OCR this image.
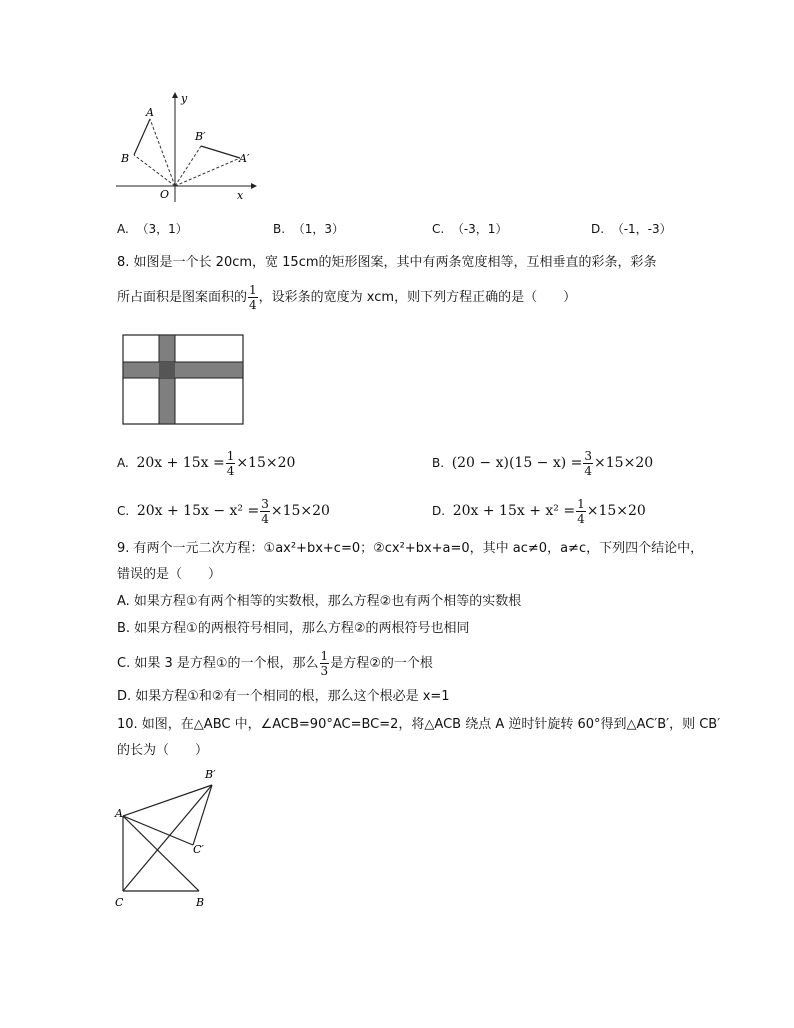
y
x
O
A
B
B′
A′
A. （3，1）	B. （1，3）	C. （-3，1）	D. （-1，-3）
8. 如图是一个长 20cm，宽 15cm的矩形图案，其中有两条宽度相等，互相垂直的彩条，彩条
所占面积是图案面积的 $\frac{1}{4}$ ，设彩条的宽度为 xcm，则下列方程正确的是（　　）
A. $20x + 15x = \frac{1}{4} \times 15\times 20$	B. $(20 - x)(15 - x) = \frac{3}{4} \times 15\times 20$
C. $20x + 15x - x^2 = \frac{3}{4} \times 15\times 20$	D. $20x + 15x + x^2 = \frac{1}{4} \times 15\times 20$
9. 有两个一元二次方程：①ax²+bx+c=0；②cx²+bx+a=0，其中 ac≠0，a≠c，下列四个结论中，
错误的是（　　）
A. 如果方程①有两个相等的实数根，那么方程②也有两个相等的实数根
B. 如果方程①的两根符号相同，那么方程②的两根符号也相同
C. 如果 3 是方程①的一个根，那么 $\frac{1}{3}$ 是方程②的一个根
D. 如果方程①和②有一个相同的根，那么这个根必是 x=1
10. 如图，在△ABC 中，∠ACB=90°AC=BC=2，将△ACB 绕点 A 逆时针旋转 60°得到△AC′B′，则 CB′
的长为（　　）
B′
A
C′
C	B
